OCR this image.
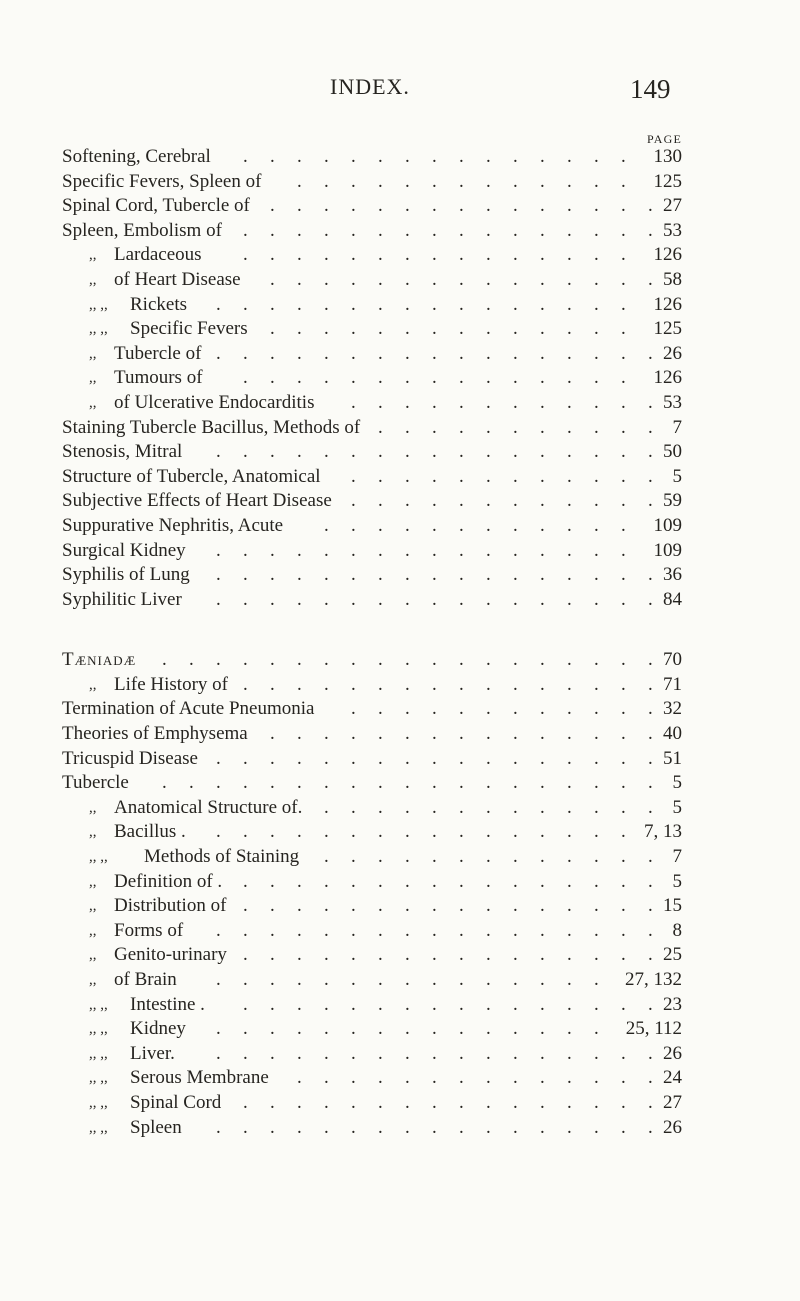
INDEX.	149
PAGE
Softening, Cerebral	130
.
.
.
.
.
.
.
.
.
.
.
.
.
.
.
Specific Fevers, Spleen of	125
.
.
.
.
.
.
.
.
.
.
.
.
.
Spinal Cord, Tubercle of	27
.
.
.
.
.
.
.
.
.
.
.
.
.
.
.
Spleen, Embolism of	53
.
.
.
.
.
.
.
.
.
.
.
.
.
.
.
.
,, Lardaceous	126
.
.
.
.
.
.
.
.
.
.
.
.
.
.
.
,, of Heart Disease	58
.
.
.
.
.
.
.
.
.
.
.
.
.
.
.
,, ,, Rickets	126
.
.
.
.
.
.
.
.
.
.
.
.
.
.
.
.
,, ,, Specific Fevers	125
.
.
.
.
.
.
.
.
.
.
.
.
.
.
,, Tubercle of	26
.
.
.
.
.
.
.
.
.
.
.
.
.
.
.
.
.
,, Tumours of	126
.
.
.
.
.
.
.
.
.
.
.
.
.
.
.
,, of Ulcerative Endocarditis	53
.
.
.
.
.
.
.
.
.
.
.
.
Staining Tubercle Bacillus, Methods of	7
.
.
.
.
.
.
.
.
.
.
.
Stenosis, Mitral	50
.
.
.
.
.
.
.
.
.
.
.
.
.
.
.
.
.
Structure of Tubercle, Anatomical	5
.
.
.
.
.
.
.
.
.
.
.
.
Subjective Effects of Heart Disease	59
.
.
.
.
.
.
.
.
.
.
.
.
Suppurative Nephritis, Acute	109
.
.
.
.
.
.
.
.
.
.
.
.
Surgical Kidney	109
.
.
.
.
.
.
.
.
.
.
.
.
.
.
.
.
Syphilis of Lung	36
.
.
.
.
.
.
.
.
.
.
.
.
.
.
.
.
.
Syphilitic Liver	84
.
.
.
.
.
.
.
.
.
.
.
.
.
.
.
.
.
Tæniadæ	70
.
.
.
.
.
.
.
.
.
.
.
.
.
.
.
.
.
.
.
,, Life History of	71
.
.
.
.
.
.
.
.
.
.
.
.
.
.
.
.
Termination of Acute Pneumonia	32
.
.
.
.
.
.
.
.
.
.
.
.
Theories of Emphysema	40
.
.
.
.
.
.
.
.
.
.
.
.
.
.
.
Tricuspid Disease	51
.
.
.
.
.
.
.
.
.
.
.
.
.
.
.
.
.
Tubercle	5
.
.
.
.
.
.
.
.
.
.
.
.
.
.
.
.
.
.
.
,, Anatomical Structure of.	5
.
.
.
.
.
.
.
.
.
.
.
.
.
,, Bacillus .	7, 13
.
.
.
.
.
.
.
.
.
.
.
.
.
.
.
.
,, ,, Methods of Staining	7
.
.
.
.
.
.
.
.
.
.
.
.
.
,, Definition of .	5
.
.
.
.
.
.
.
.
.
.
.
.
.
.
.
.
,, Distribution of	15
.
.
.
.
.
.
.
.
.
.
.
.
.
.
.
.
,, Forms of	8
.
.
.
.
.
.
.
.
.
.
.
.
.
.
.
.
.
,, Genito-urinary	25
.
.
.
.
.
.
.
.
.
.
.
.
.
.
.
.
,, of Brain	27, 132
.
.
.
.
.
.
.
.
.
.
.
.
.
.
.
,, ,, Intestine .	23
.
.
.
.
.
.
.
.
.
.
.
.
.
.
.
.
,, ,, Kidney	25, 112
.
.
.
.
.
.
.
.
.
.
.
.
.
.
.
,, ,, Liver.	26
.
.
.
.
.
.
.
.
.
.
.
.
.
.
.
.
.
,, ,, Serous Membrane	24
.
.
.
.
.
.
.
.
.
.
.
.
.
.
,, ,, Spinal Cord	27
.
.
.
.
.
.
.
.
.
.
.
.
.
.
.
.
,, ,, Spleen	26
.
.
.
.
.
.
.
.
.
.
.
.
.
.
.
.
.
